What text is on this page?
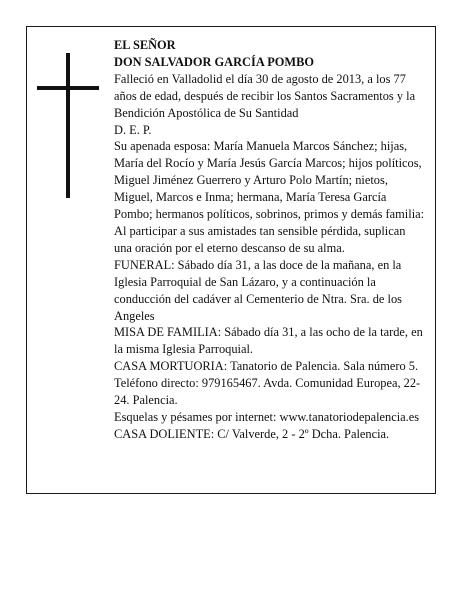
EL SEÑOR

DON SALVADOR GARCÍA POMBO

Falleció en Valladolid el día 30 de agosto de 2013, a los 77 años de edad, después de recibir los Santos Sacramentos y la Bendición Apostólica de Su Santidad

D. E. P.

Su apenada esposa: María Manuela Marcos Sánchez; hijas, María del Rocío y María Jesús García Marcos; hijos políticos, Miguel Jiménez Guerrero y Arturo Polo Martín; nietos, Miguel, Marcos e Inma; hermana, María Teresa García Pombo; hermanos políticos, sobrinos, primos y demás familia:

Al participar a sus amistades tan sensible pérdida, suplican una oración por el eterno descanso de su alma.

FUNERAL: Sábado día 31, a las doce de la mañana, en la Iglesia Parroquial de San Lázaro, y a continuación la conducción del cadáver al Cementerio de Ntra. Sra. de los Angeles

MISA DE FAMILIA: Sábado día 31, a las ocho de la tarde, en la misma Iglesia Parroquial.

CASA MORTUORIA: Tanatorio de Palencia. Sala número 5. Teléfono directo: 979165467. Avda. Comunidad Europea, 22-24. Palencia.

Esquelas y pésames por internet: www.tanatoriodepalencia.es

CASA DOLIENTE: C/ Valverde, 2 - 2º Dcha. Palencia.
